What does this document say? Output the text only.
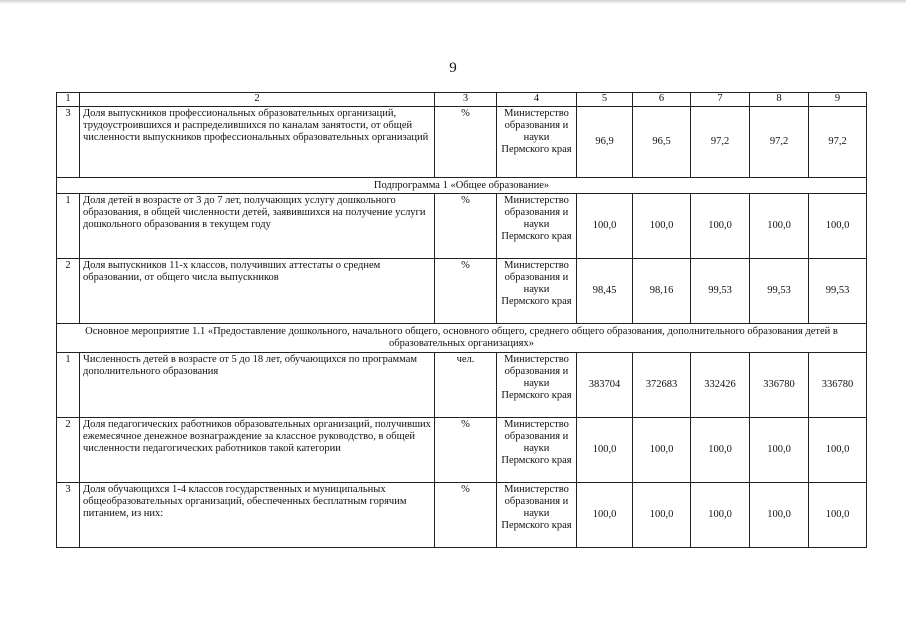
9
1	2	3	4	5	6	7	8	9
3	Доля выпускников профессиональных образовательных организаций, трудоустроившихся и распределившихся по каналам занятости, от общей численности выпускников профессиональных образовательных организаций	%	Министерство образования и науки Пермского края	96,9	96,5	97,2	97,2	97,2
Подпрограмма 1 «Общее образование»								
1	Доля детей в возрасте от 3 до 7 лет, получающих услугу дошкольного образования, в общей численности детей, заявившихся на получение услуги дошкольного образования в текущем году	%	Министерство образования и науки Пермского края	100,0	100,0	100,0	100,0	100,0
2	Доля выпускников 11-х классов, получивших аттестаты о среднем образовании, от общего числа выпускников	%	Министерство образования и науки Пермского края	98,45	98,16	99,53	99,53	99,53
Основное мероприятие 1.1 «Предоставление дошкольного, начального общего, основного общего, среднего общего образования, дополнительного образования детей в образовательных организациях»								
1	Численность детей в возрасте от 5 до 18 лет, обучающихся по программам дополнительного образования	чел.	Министерство образования и науки Пермского края	383704	372683	332426	336780	336780
2	Доля педагогических работников образовательных организаций, получивших ежемесячное денежное вознаграждение за классное руководство, в общей численности педагогических работников такой категории	%	Министерство образования и науки Пермского края	100,0	100,0	100,0	100,0	100,0
3	Доля обучающихся 1-4 классов государственных и муниципальных общеобразовательных организаций, обеспеченных бесплатным горячим питанием, из них:	%	Министерство образования и науки Пермского края	100,0	100,0	100,0	100,0	100,0
